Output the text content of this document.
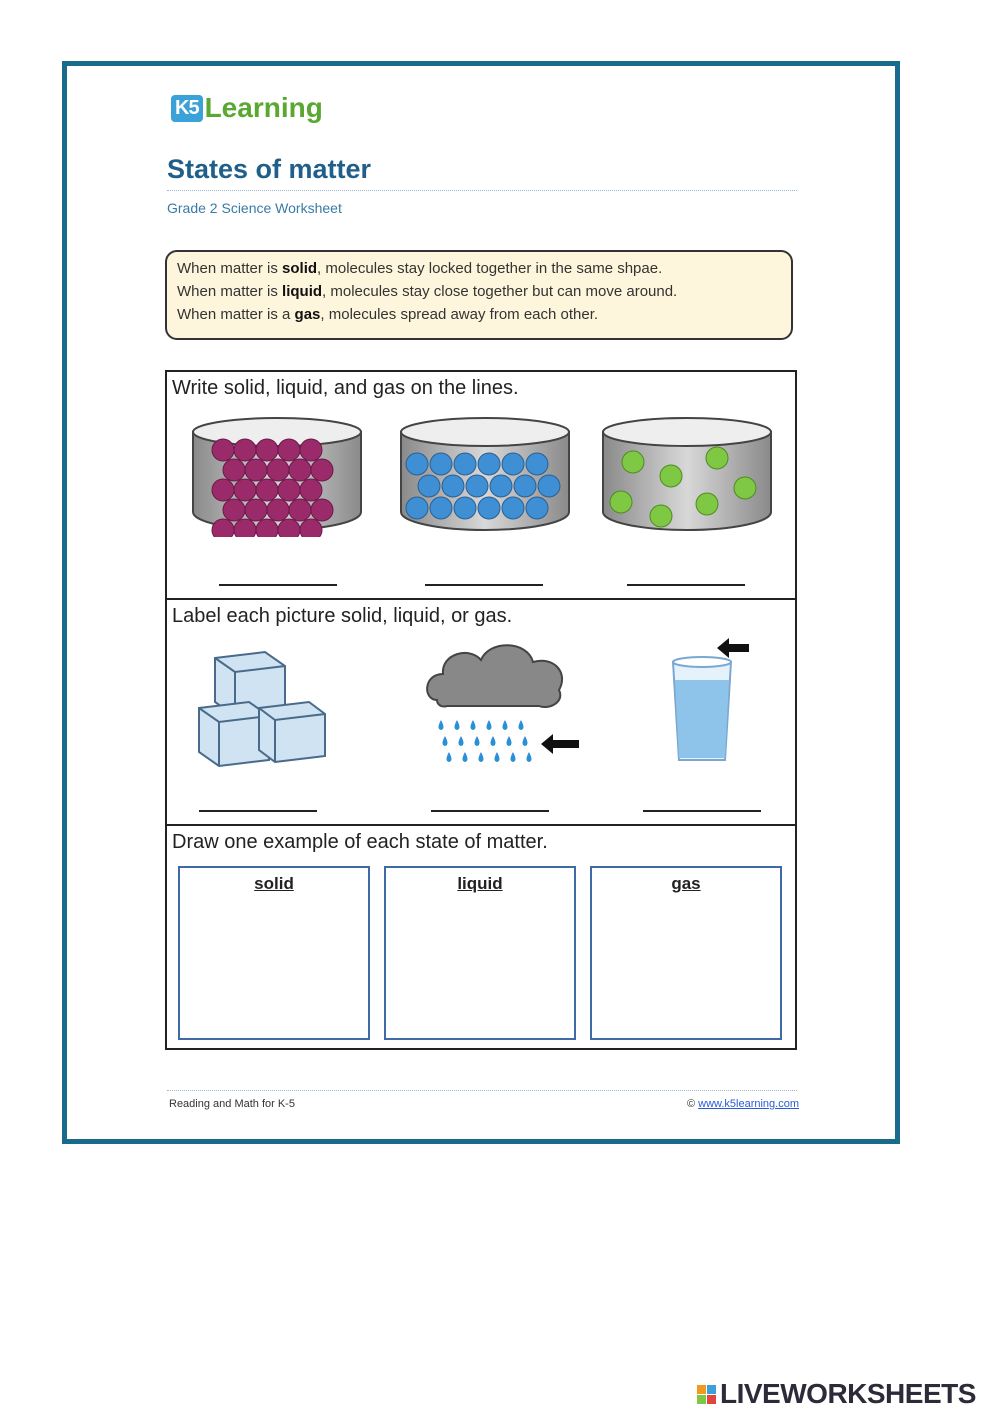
K5 Learning
States of matter
Grade 2 Science Worksheet

When matter is solid, molecules stay locked together in the same shpae.

When matter is liquid, molecules stay close together but can move around.

When matter is a gas, molecules spread away from each other.

Write solid, liquid, and gas on the lines.
Label each picture solid, liquid, or gas.
Draw one example of each state of matter.
solid	liquid	gas
Reading and Math for K-5	© www.k5learning.com
LIVEWORKSHEETS
